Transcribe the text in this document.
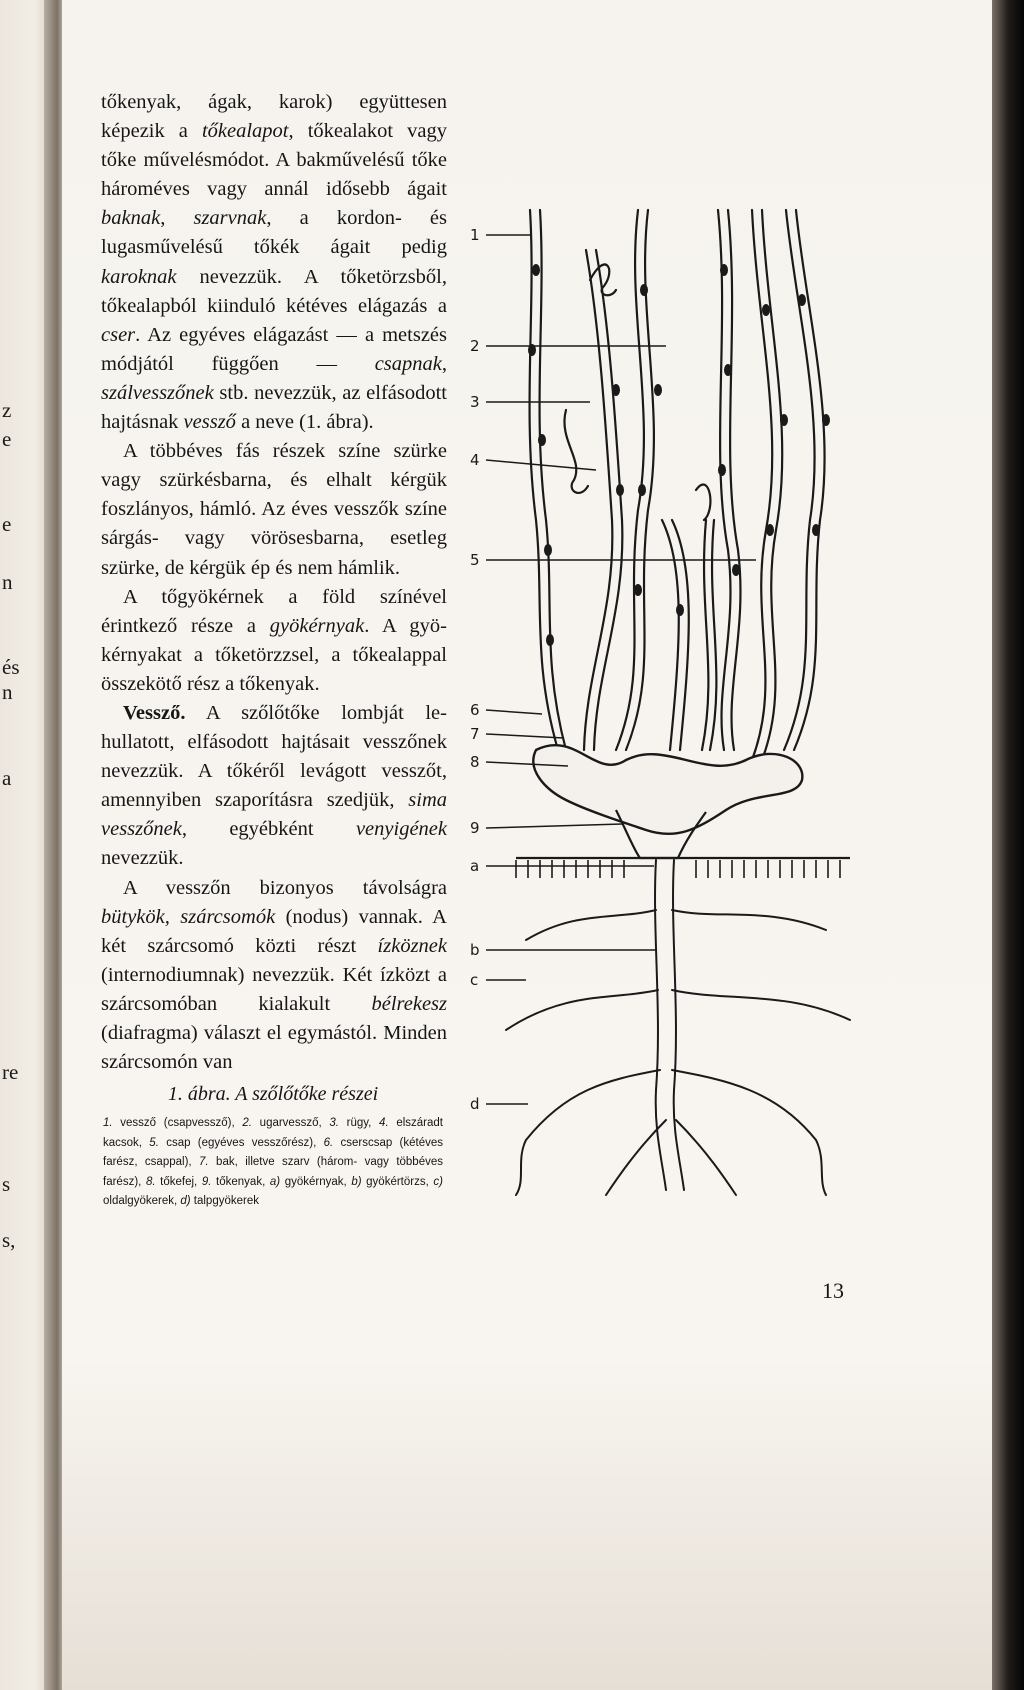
z
e
e
n
és
n
a
re
s
s,

tőkenyak, ágak, karok) együttesen képezik a tőkealapot, tőkealakot vagy tőke művelésmódot. A bakművelésű tőke hároméves vagy annál idősebb ágait baknak, szarvnak, a kordon- és lugasművelésű tőkék ágait pedig karoknak nevezzük. A tőketörzsből, tőkealapból kiinduló kétéves elágazás a cser. Az egyéves elágazást — a metszés módjától függően — csapnak, szálvesszőnek stb. nevezzük, az elfásodott hajtásnak vessző a neve (1. ábra).

A többéves fás részek színe szürke vagy szürkésbarna, és elhalt kérgük foszlányos, hámló. Az éves vesszők színe sárgás- vagy vörösesbarna, esetleg szürke, de kérgük ép és nem hámlik.

A tőgyökérnek a föld színével érintkező része a gyökérnyak. A gyökérnyakat a tőketörzzsel, a tőkealappal összekötő rész a tőkenyak.

Vessző. A szőlőtőke lombját lehullatott, elfásodott hajtásait vesszőnek nevezzük. A tőkéről levágott vesszőt, amennyiben szaporításra szedjük, sima vesszőnek, egyébként venyigének nevezzük.

A vesszőn bizonyos távolságra bütykök, szárcsomók (nodus) vannak. A két szárcsomó közti részt ízköznek (internodiumnak) nevezzük. Két ízközt a szárcsomóban kialakult bélrekesz (diafragma) választ el egymástól. Minden szárcsomón van

1
2
3
4
5
6
7
8
9
a
b
c
d
1. ábra. A szőlőtőke részei
1. vessző (csapvessző), 2. ugarvessző, 3. rügy, 4. elszáradt kacsok, 5. csap (egyéves vesszőrész), 6. cserscsap (kétéves farész, csappal), 7. bak, illetve szarv (három- vagy többéves farész), 8. tőkefej, 9. tőkenyak, a) gyökérnyak, b) gyökértörzs, c) oldalgyökerek, d) talpgyökerek
13
